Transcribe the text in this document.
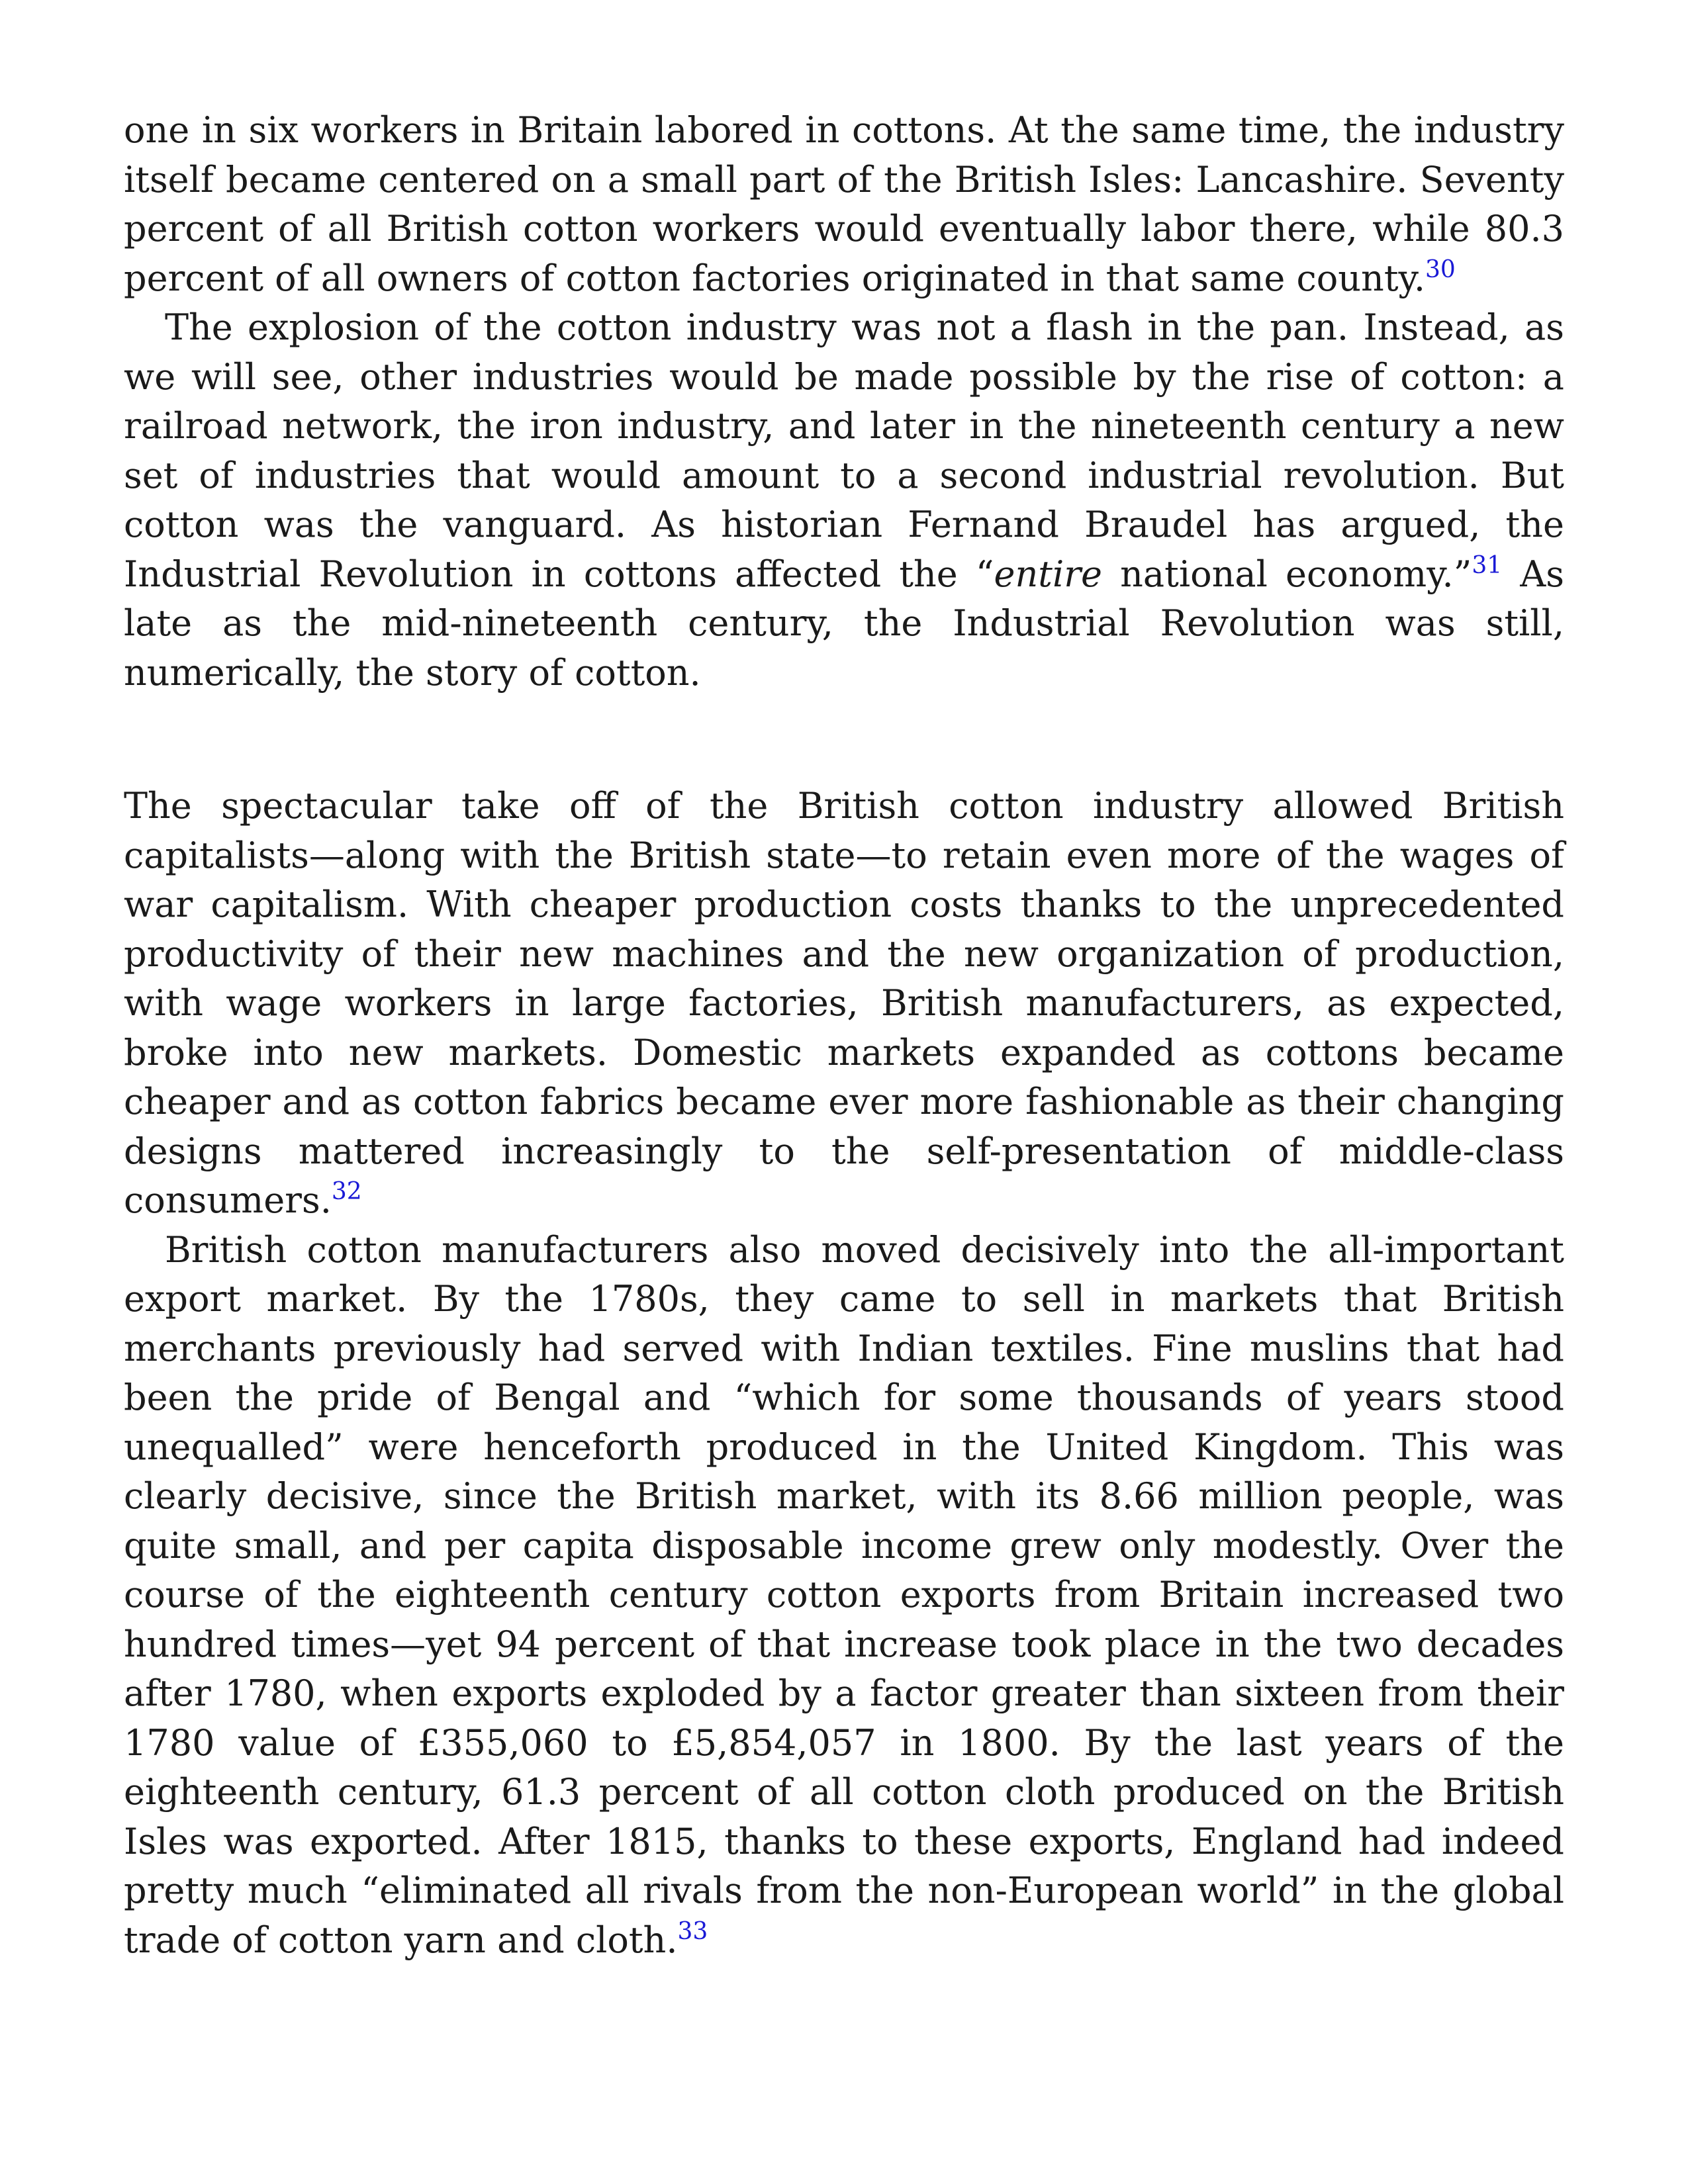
one in six workers in Britain labored in cottons. At the same time, the industry itself became centered on a small part of the British Isles: Lancashire. Seventy percent of all British cotton workers would eventually labor there, while 80.3 percent of all owners of cotton factories originated in that same county.$^{30}$

The explosion of the cotton industry was not a flash in the pan. Instead, as we will see, other industries would be made possible by the rise of cotton: a railroad network, the iron industry, and later in the nineteenth century a new set of industries that would amount to a second industrial revolution. But cotton was the vanguard. As historian Fernand Braudel has argued, the Industrial Revolution in cottons affected the “entire national economy.”$^{31}$ As late as the mid-nineteenth century, the Industrial Revolution was still, numerically, the story of cotton.

The spectacular take off of the British cotton industry allowed British capitalists—along with the British state—to retain even more of the wages of war capitalism. With cheaper production costs thanks to the unprecedented productivity of their new machines and the new organization of production, with wage workers in large factories, British manufacturers, as expected, broke into new markets. Domestic markets expanded as cottons became cheaper and as cotton fabrics became ever more fashionable as their changing designs mattered increasingly to the self-presentation of middle-class consumers.$^{32}$

British cotton manufacturers also moved decisively into the all-important export market. By the 1780s, they came to sell in markets that British merchants previously had served with Indian textiles. Fine muslins that had been the pride of Bengal and “which for some thousands of years stood unequalled” were henceforth produced in the United Kingdom. This was clearly decisive, since the British market, with its 8.66 million people, was quite small, and per capita disposable income grew only modestly. Over the course of the eighteenth century cotton exports from Britain increased two hundred times—yet 94 percent of that increase took place in the two decades after 1780, when exports exploded by a factor greater than sixteen from their 1780 value of £355,060 to £5,854,057 in 1800. By the last years of the eighteenth century, 61.3 percent of all cotton cloth produced on the British Isles was exported. After 1815, thanks to these exports, England had indeed pretty much “eliminated all rivals from the non-European world” in the global trade of cotton yarn and cloth.$^{33}$
